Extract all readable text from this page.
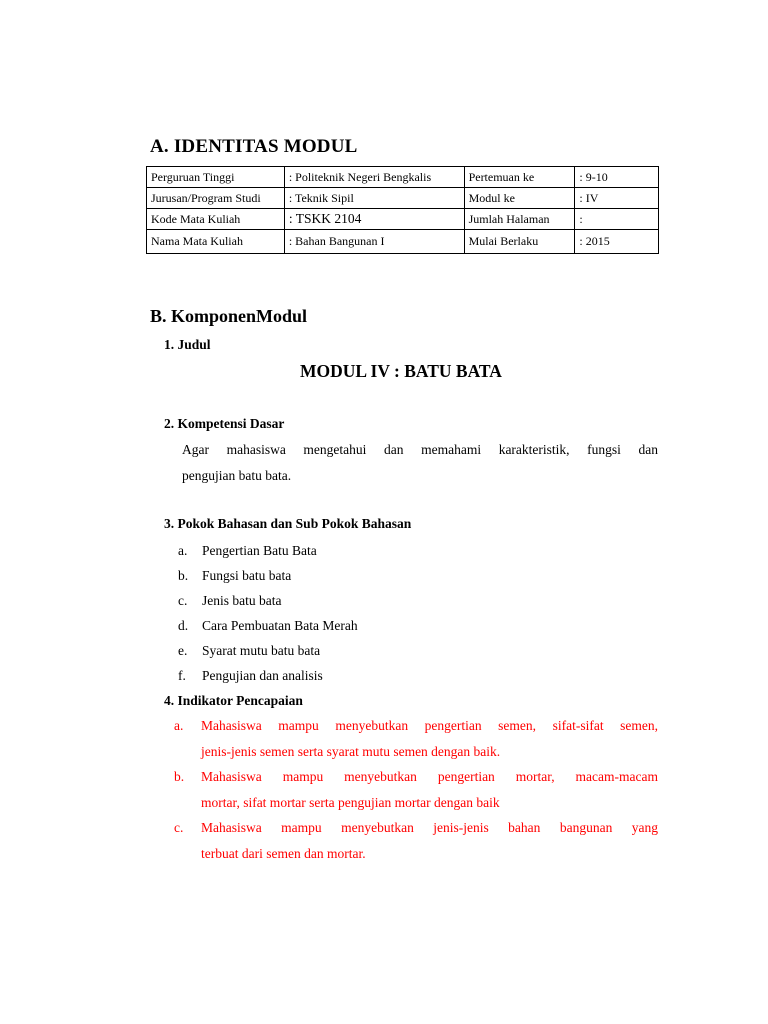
A. IDENTITAS MODUL
Perguruan Tinggi	: Politeknik Negeri Bengkalis	Pertemuan ke	: 9-10
Jurusan/Program Studi	: Teknik Sipil	Modul ke	: IV
Kode Mata Kuliah	: TSKK 2104	Jumlah Halaman	:
Nama Mata Kuliah	: Bahan Bangunan I	Mulai Berlaku	: 2015
B. KomponenModul
1. Judul
MODUL IV : BATU BATA
2. Kompetensi Dasar
Agar mahasiswa mengetahui dan memahami karakteristik, fungsi dan
pengujian batu bata.
3. Pokok Bahasan dan Sub Pokok Bahasan
a. Pengertian Batu Bata
b. Fungsi batu bata
c. Jenis batu bata
d. Cara Pembuatan Bata Merah
e. Syarat mutu batu bata
f. Pengujian dan analisis
4. Indikator Pencapaian
a. Mahasiswa mampu menyebutkan pengertian semen, sifat-sifat semen,
jenis-jenis semen serta syarat mutu semen dengan baik.
b. Mahasiswa mampu menyebutkan pengertian mortar, macam-macam
mortar, sifat mortar serta pengujian mortar dengan baik
c. Mahasiswa mampu menyebutkan jenis-jenis bahan bangunan yang
terbuat dari semen dan mortar.
